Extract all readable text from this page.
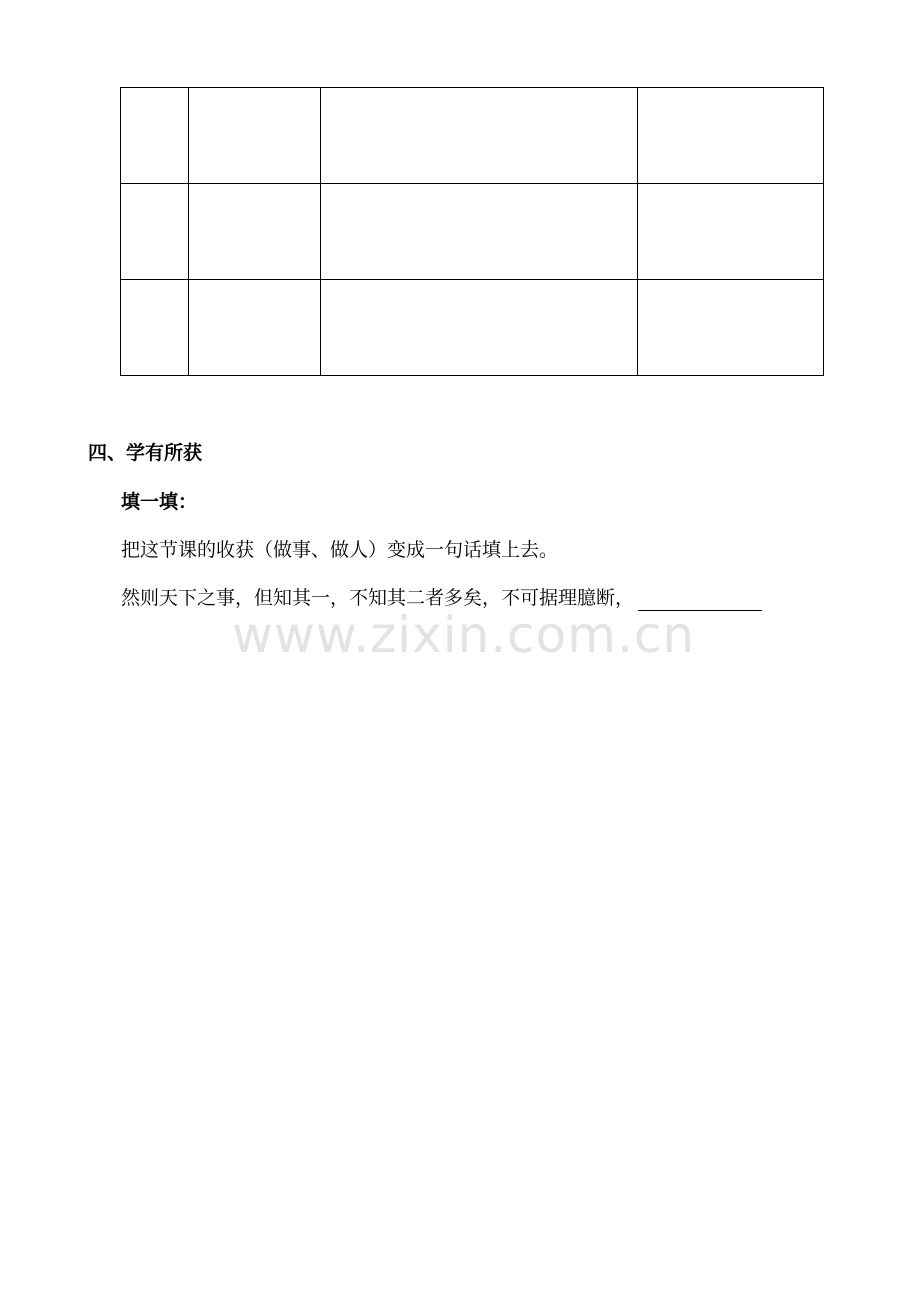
四、学有所获
填一填：
把这节课的收获（做事、做人）变成一句话填上去。
然则天下之事，但知其一，不知其二者多矣，不可据理臆断，
www.zixin.com.cn
